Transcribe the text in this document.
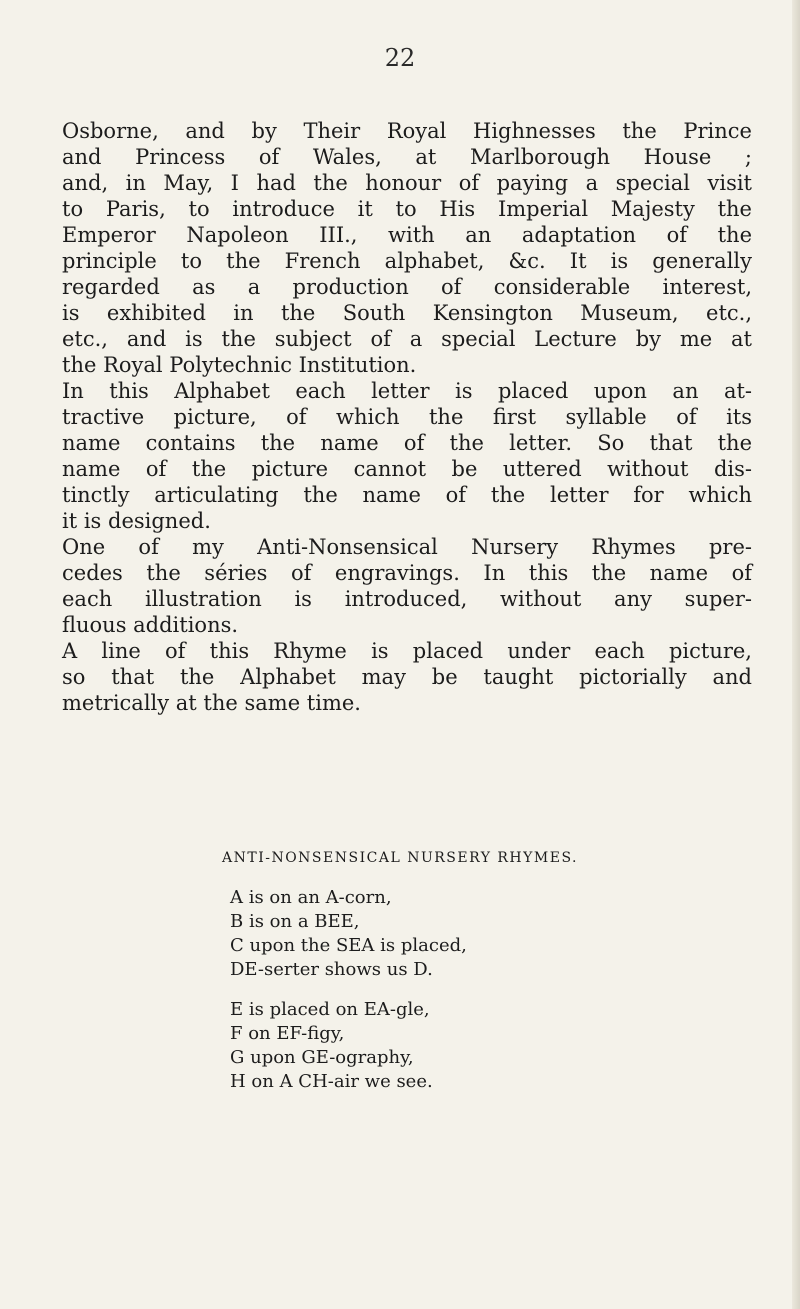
22
Osborne, and by Their Royal Highnesses the Prince
and Princess of Wales, at Marlborough House ;
and, in May, I had the honour of paying a special visit
to Paris, to introduce it to His Imperial Majesty the
Emperor Napoleon III., with an adaptation of the
principle to the French alphabet, &c. It is generally
regarded as a production of considerable interest,
is exhibited in the South Kensington Museum, etc.,
etc., and is the subject of a special Lecture by me at
the Royal Polytechnic Institution.
In this Alphabet each letter is placed upon an at-
tractive picture, of which the first syllable of its
name contains the name of the letter. So that the
name of the picture cannot be uttered without dis-
tinctly articulating the name of the letter for which
it is designed.
One of my Anti-Nonsensical Nursery Rhymes pre-
cedes the séries of engravings. In this the name of
each illustration is introduced, without any super-
fluous additions.
A line of this Rhyme is placed under each picture,
so that the Alphabet may be taught pictorially and
metrically at the same time.
ANTI-NONSENSICAL NURSERY RHYMES.
A is on an A-corn,
B is on a BEE,
C upon the SEA is placed,
DE-serter shows us D.
E is placed on EA-gle,
F on EF-figy,
G upon GE-ography,
H on A CH-air we see.
